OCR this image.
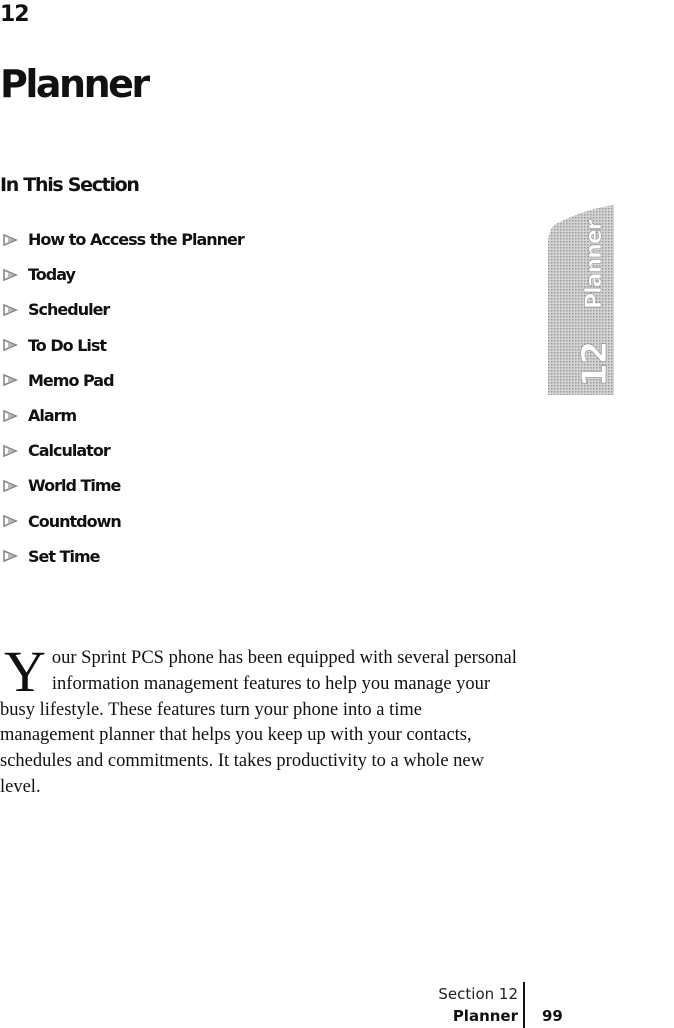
12
Planner
In This Section
How to Access the Planner
Today
Scheduler
To Do List
Memo Pad
Alarm
Calculator
World Time
Countdown
Set Time
Planner
12

Your Sprint PCS phone has been equipped with several personal information management features to help you manage your busy lifestyle. These features turn your phone into a time management planner that helps you keep up with your contacts, schedules and commitments. It takes productivity to a whole new level.

Section 12
Planner 99
